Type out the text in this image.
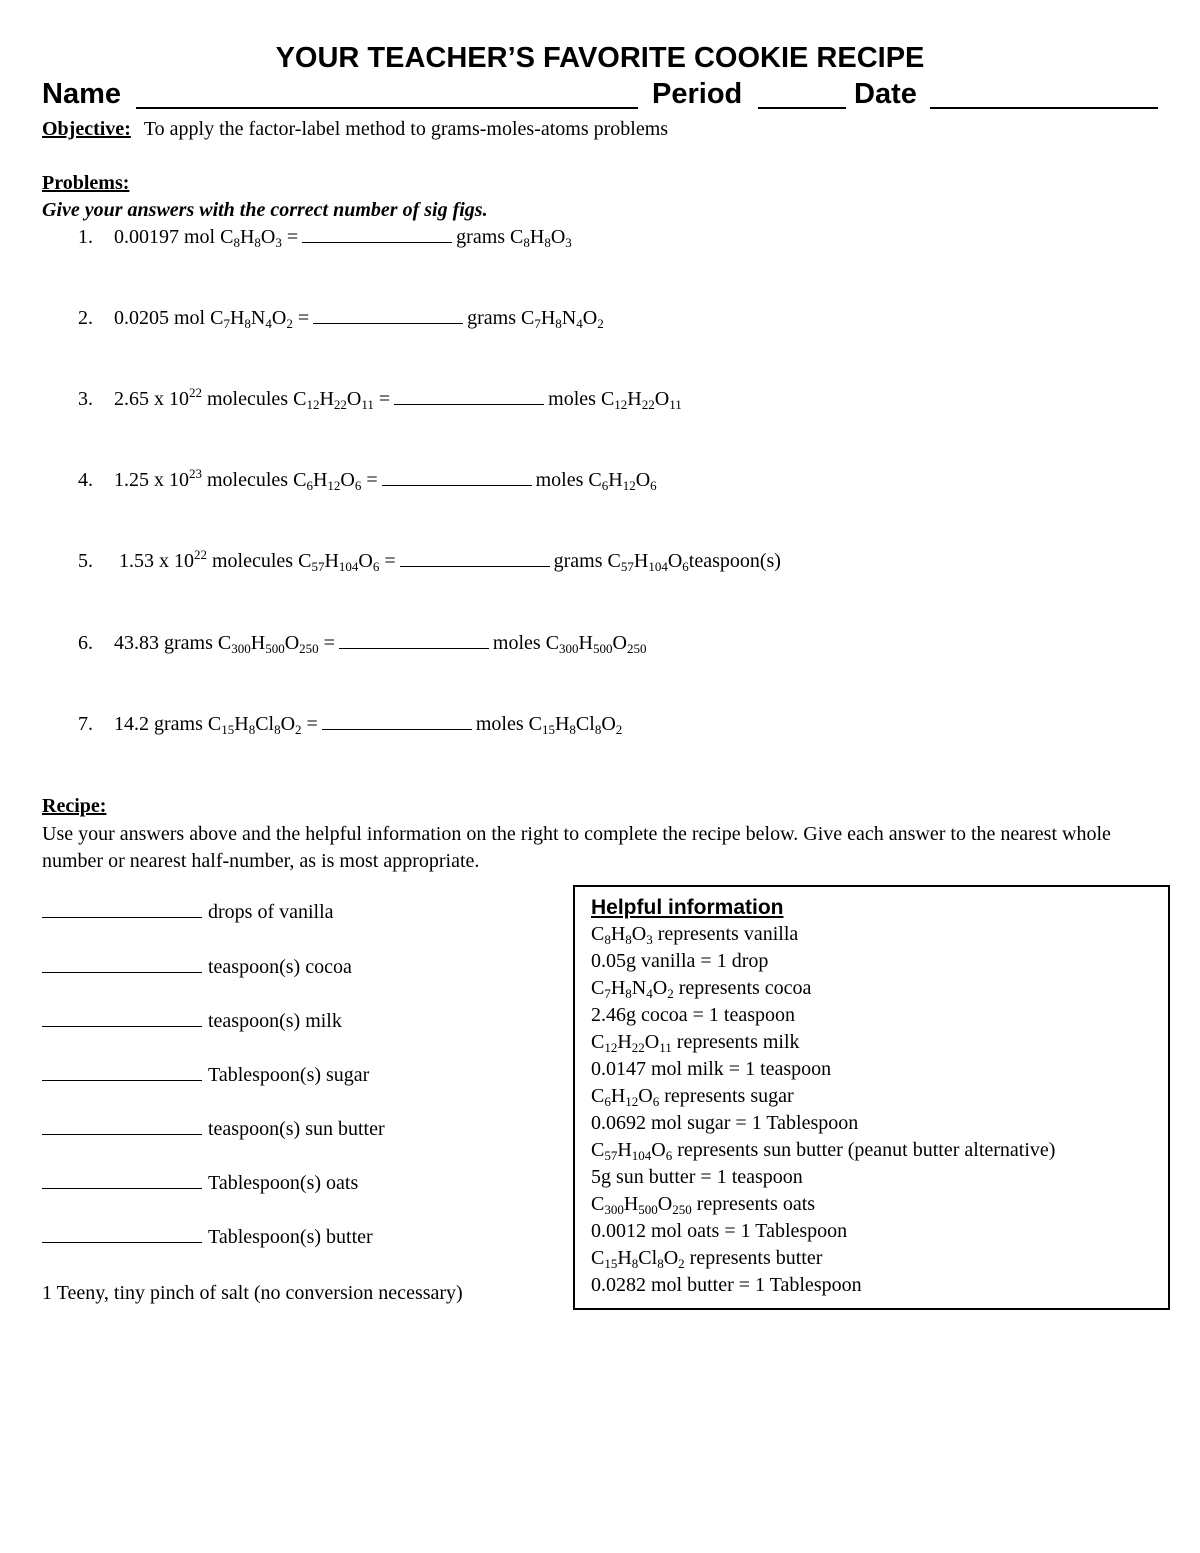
YOUR TEACHER’S FAVORITE COOKIE RECIPE
Name	Period	Date
Objective: To apply the factor-label method to grams-moles-atoms problems
Problems:
Give your answers with the correct number of sig figs.
1. 0.00197 mol $C_8H_8O_3$ =	grams $C_8H_8O_3$
2. 0.0205 mol $C_7H_8N_4O_2$ =	grams $C_7H_8N_4O_2$
3. 2.65 x $10^{22}$ molecules $C_{12}H_{22}O_{11}$ =	moles $C_{12}H_{22}O_{11}$
4. 1.25 x $10^{23}$ molecules $C_6H_{12}O_6$ =	moles $C_6H_{12}O_6$
5. 1.53 x $10^{22}$ molecules $C_{57}H_{104}O_6$ =	grams $C_{57}H_{104}O_6teaspoon(s)$
6. 43.83 grams $C_{300}H_{500}O_{250}$ =	moles $C_{300}H_{500}O_{250}$
7. 14.2 grams $C_{15}H_8Cl_8O_2$ =	moles $C_{15}H_8Cl_8O_2$
Recipe:
Use your answers above and the helpful information on the right to complete the recipe below. Give each answer to the nearest whole number or nearest half-number, as is most appropriate.
drops of vanilla
teaspoon(s) cocoa
teaspoon(s) milk
Tablespoon(s) sugar
teaspoon(s) sun butter
Tablespoon(s) oats
Tablespoon(s) butter
1 Teeny, tiny pinch of salt (no conversion necessary)
Helpful information
$C_8H_8O_3$ represents vanilla
0.05g vanilla = 1 drop
$C_7H_8N_4O_2$ represents cocoa
2.46g cocoa = 1 teaspoon
$C_{12}H_{22}O_{11}$ represents milk
0.0147 mol milk = 1 teaspoon
$C_6H_{12}O_6$ represents sugar
0.0692 mol sugar = 1 Tablespoon
$C_{57}H_{104}O_6$ represents sun butter (peanut butter alternative)
5g sun butter = 1 teaspoon
$C_{300}H_{500}O_{250}$ represents oats
0.0012 mol oats = 1 Tablespoon
$C_{15}H_8Cl_8O_2$ represents butter
0.0282 mol butter = 1 Tablespoon
